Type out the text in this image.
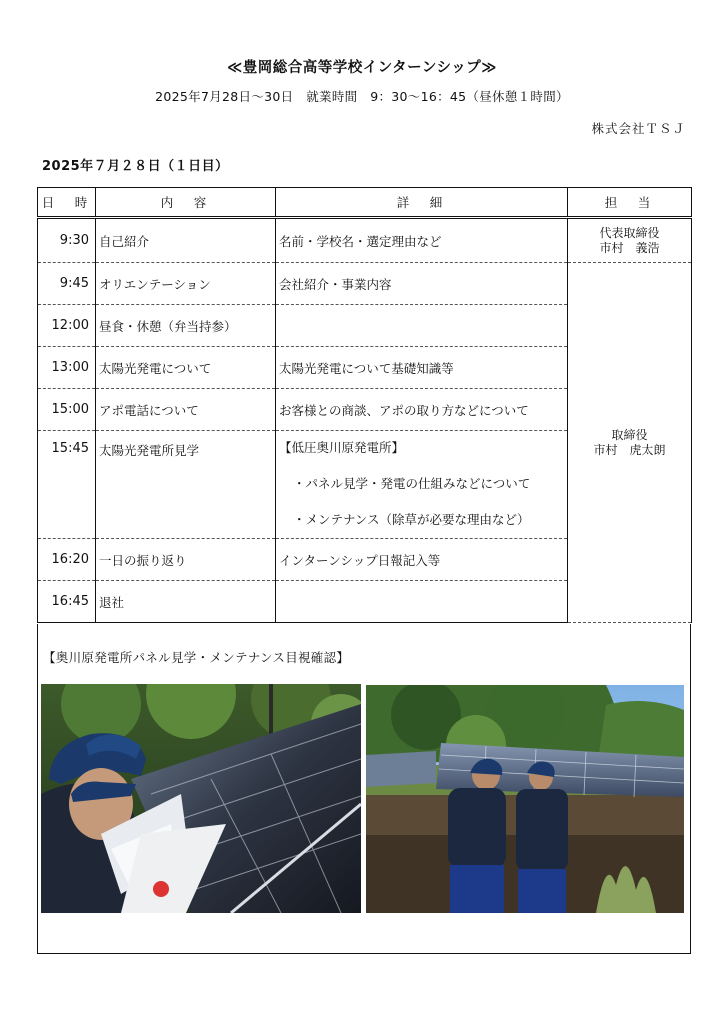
≪豊岡総合高等学校インターンシップ≫
2025年7月28日～30日　就業時間　9：30～16：45（昼休憩１時間）
株式会社ＴＳＪ
2025年７月２８日（１日目）
日　時	内　容	詳　細	担　当
9:30	自己紹介	名前・学校名・選定理由など	代表取締役
市村　義浩
9:45	オリエンテーション	会社紹介・事業内容	取締役
市村　虎太朗
12:00	昼食・休憩（弁当持参）		
13:00	太陽光発電について	太陽光発電について基礎知識等	
15:00	アポ電話について	お客様との商談、アポの取り方などについて	
15:45	太陽光発電所見学	【低圧奥川原発電所】
・パネル見学・発電の仕組みなどについて
・メンテナンス（除草が必要な理由など）	

16:20	一日の振り返り	インターンシップ日報記入等	
16:45	退社		
【奥川原発電所パネル見学・メンテナンス目視確認】
